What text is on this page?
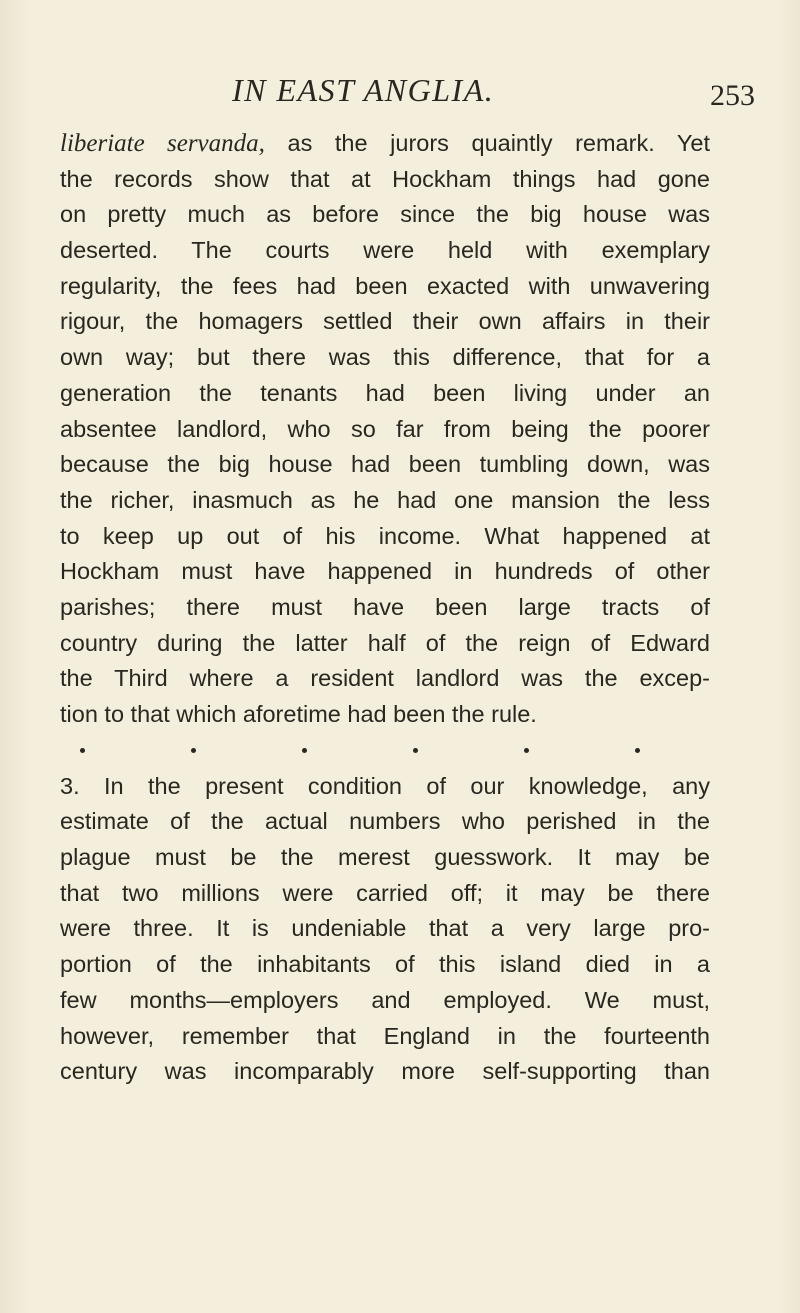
IN EAST ANGLIA.	253
liberiate servanda, as the jurors quaintly remark. Yet
the records show that at Hockham things had gone
on pretty much as before since the big house was
deserted. The courts were held with exemplary
regularity, the fees had been exacted with unwavering
rigour, the homagers settled their own affairs in their
own way; but there was this difference, that for a
generation the tenants had been living under an
absentee landlord, who so far from being the poorer
because the big house had been tumbling down, was
the richer, inasmuch as he had one mansion the less
to keep up out of his income. What happened at
Hockham must have happened in hundreds of other
parishes; there must have been large tracts of
country during the latter half of the reign of Edward
the Third where a resident landlord was the excep-
tion to that which aforetime had been the rule.
3. In the present condition of our knowledge, any
estimate of the actual numbers who perished in the
plague must be the merest guesswork. It may be
that two millions were carried off; it may be there
were three. It is undeniable that a very large pro-
portion of the inhabitants of this island died in a
few months—employers and employed. We must,
however, remember that England in the fourteenth
century was incomparably more self-supporting than
